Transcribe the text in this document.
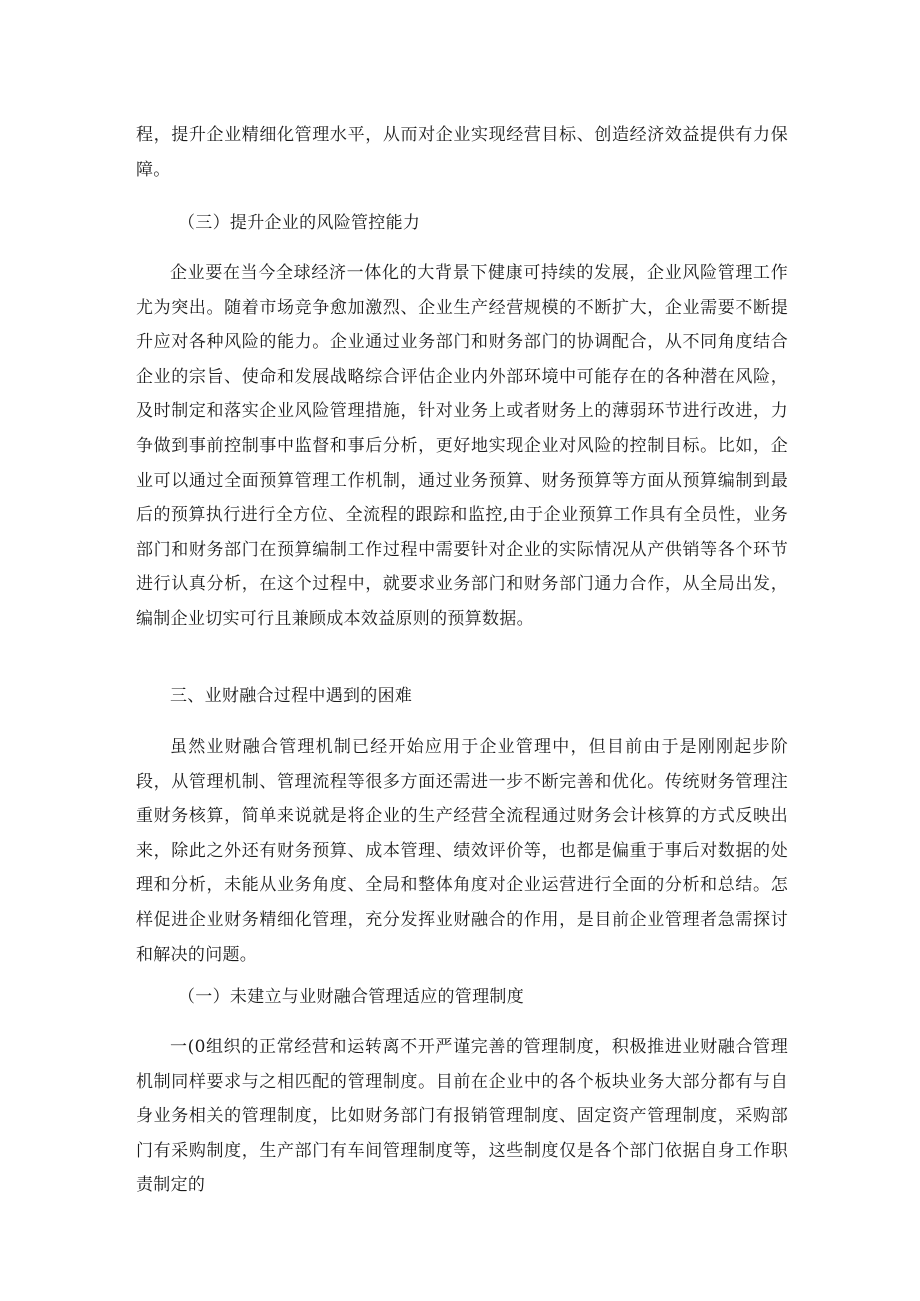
程，提升企业精细化管理水平，从而对企业实现经营目标、创造经济效益提供有力保障。

（三）提升企业的风险管控能力

企业要在当今全球经济一体化的大背景下健康可持续的发展，企业风险管理工作尤为突出。随着市场竞争愈加激烈、企业生产经营规模的不断扩大，企业需要不断提升应对各种风险的能力。企业通过业务部门和财务部门的协调配合，从不同角度结合企业的宗旨、使命和发展战略综合评估企业内外部环境中可能存在的各种潜在风险，及时制定和落实企业风险管理措施，针对业务上或者财务上的薄弱环节进行改进，力争做到事前控制事中监督和事后分析，更好地实现企业对风险的控制目标。比如，企业可以通过全面预算管理工作机制，通过业务预算、财务预算等方面从预算编制到最后的预算执行进行全方位、全流程的跟踪和监控,由于企业预算工作具有全员性，业务部门和财务部门在预算编制工作过程中需要针对企业的实际情况从产供销等各个环节进行认真分析，在这个过程中，就要求业务部门和财务部门通力合作，从全局出发，编制企业切实可行且兼顾成本效益原则的预算数据。

三、业财融合过程中遇到的困难

虽然业财融合管理机制已经开始应用于企业管理中，但目前由于是刚刚起步阶段，从管理机制、管理流程等很多方面还需进一步不断完善和优化。传统财务管理注重财务核算，简单来说就是将企业的生产经营全流程通过财务会计核算的方式反映出来，除此之外还有财务预算、成本管理、绩效评价等，也都是偏重于事后对数据的处理和分析，未能从业务角度、全局和整体角度对企业运营进行全面的分析和总结。怎样促进企业财务精细化管理，充分发挥业财融合的作用，是目前企业管理者急需探讨和解决的问题。

（一）未建立与业财融合管理适应的管理制度

一(0组织的正常经营和运转离不开严谨完善的管理制度，积极推进业财融合管理机制同样要求与之相匹配的管理制度。目前在企业中的各个板块业务大部分都有与自身业务相关的管理制度，比如财务部门有报销管理制度、固定资产管理制度，采购部门有采购制度，生产部门有车间管理制度等，这些制度仅是各个部门依据自身工作职责制定的
